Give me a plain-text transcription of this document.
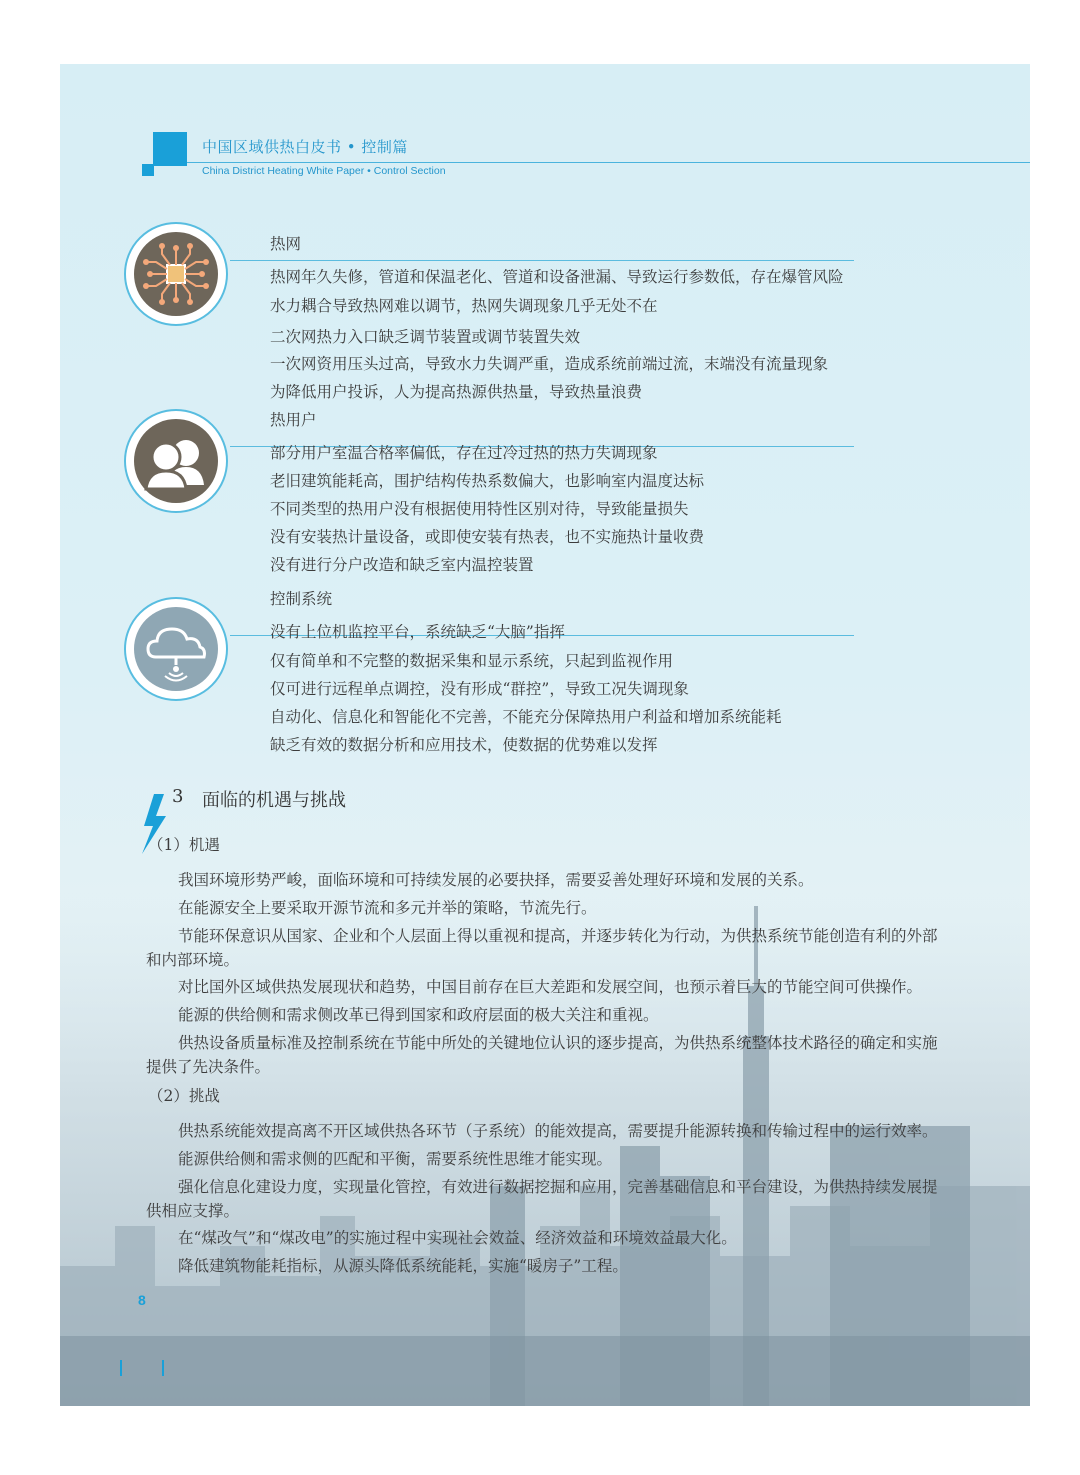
中国区域供热白皮书 • 控制篇
China District Heating White Paper • Control Section
热网
热网年久失修，管道和保温老化、管道和设备泄漏、导致运行参数低，存在爆管风险
水力耦合导致热网难以调节，热网失调现象几乎无处不在
二次网热力入口缺乏调节装置或调节装置失效
一次网资用压头过高，导致水力失调严重，造成系统前端过流，末端没有流量现象
为降低用户投诉，人为提高热源供热量，导致热量浪费
热用户
部分用户室温合格率偏低，存在过冷过热的热力失调现象
老旧建筑能耗高，围护结构传热系数偏大，也影响室内温度达标
不同类型的热用户没有根据使用特性区别对待，导致能量损失
没有安装热计量设备，或即使安装有热表，也不实施热计量收费
没有进行分户改造和缺乏室内温控装置
控制系统
没有上位机监控平台，系统缺乏“大脑”指挥
仅有简单和不完整的数据采集和显示系统，只起到监视作用
仅可进行远程单点调控，没有形成“群控”，导致工况失调现象
自动化、信息化和智能化不完善，不能充分保障热用户利益和增加系统能耗
缺乏有效的数据分析和应用技术，使数据的优势难以发挥
3 面临的机遇与挑战
（1）机遇
我国环境形势严峻，面临环境和可持续发展的必要抉择，需要妥善处理好环境和发展的关系。
在能源安全上要采取开源节流和多元并举的策略，节流先行。
节能环保意识从国家、企业和个人层面上得以重视和提高，并逐步转化为行动，为供热系统节能创造有利的外部和内部环境。
对比国外区域供热发展现状和趋势，中国目前存在巨大差距和发展空间，也预示着巨大的节能空间可供操作。
能源的供给侧和需求侧改革已得到国家和政府层面的极大关注和重视。
供热设备质量标准及控制系统在节能中所处的关键地位认识的逐步提高，为供热系统整体技术路径的确定和实施提供了先决条件。
（2）挑战
供热系统能效提高离不开区域供热各环节（子系统）的能效提高，需要提升能源转换和传输过程中的运行效率。
能源供给侧和需求侧的匹配和平衡，需要系统性思维才能实现。
强化信息化建设力度，实现量化管控，有效进行数据挖掘和应用，完善基础信息和平台建设，为供热持续发展提供相应支撑。
在“煤改气”和“煤改电”的实施过程中实现社会效益、经济效益和环境效益最大化。
降低建筑物能耗指标，从源头降低系统能耗，实施“暖房子”工程。
8
